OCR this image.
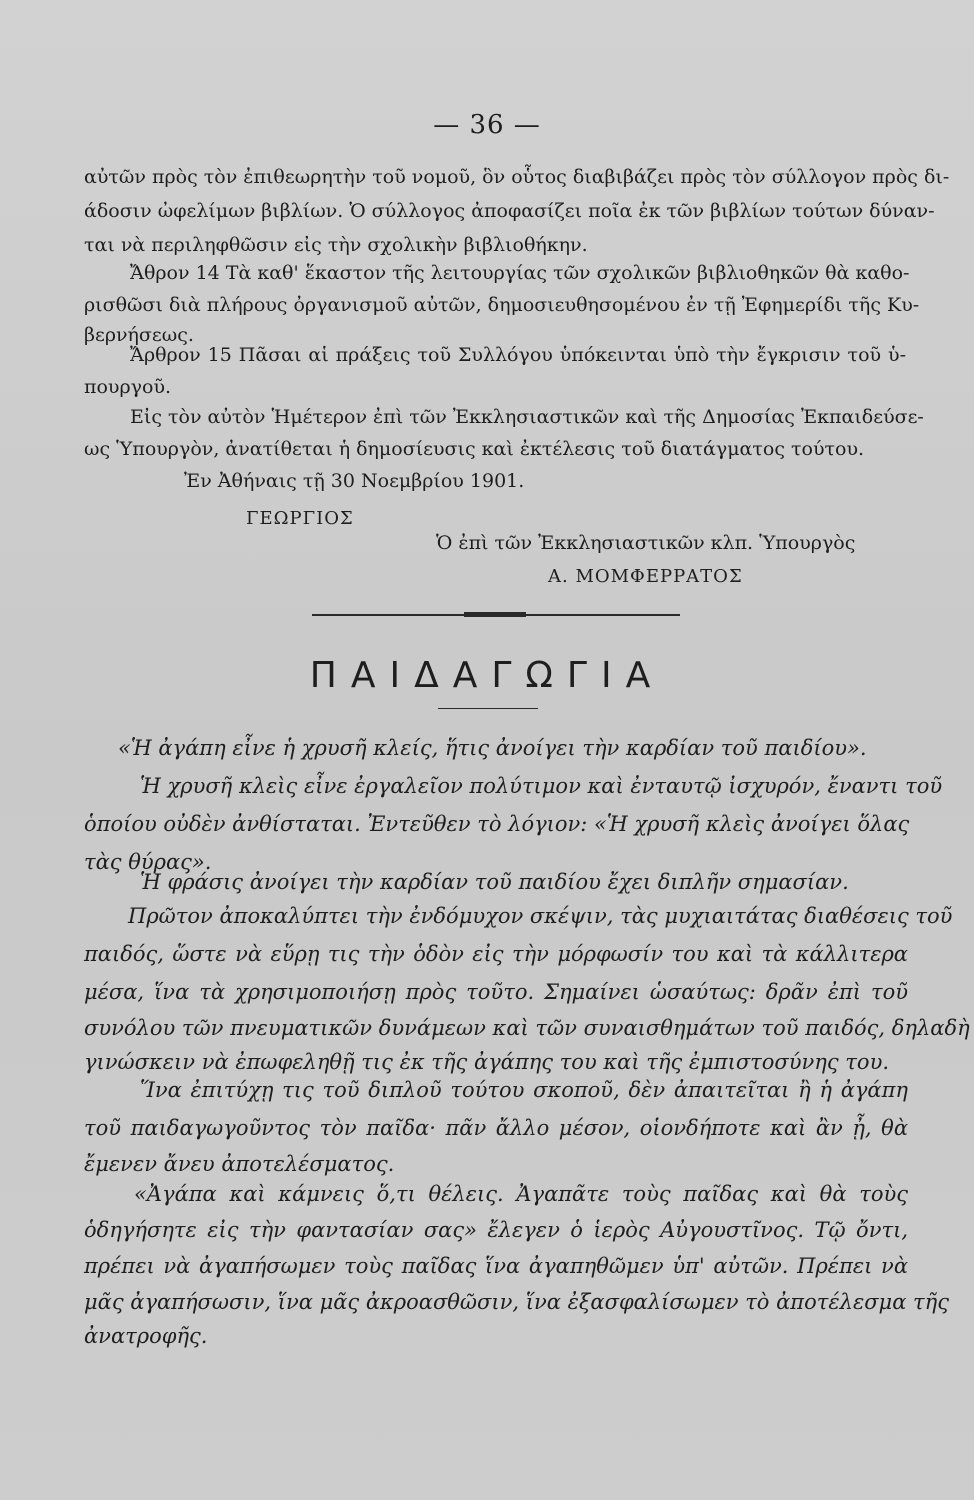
— 36 —
αὐτῶν πρὸς τὸν ἐπιθεωρητὴν τοῦ νομοῦ, ὃν οὗτος διαβιβάζει πρὸς τὸν σύλλογον πρὸς δι-
άδοσιν ὠφελίμων βιβλίων. Ὁ σύλλογος ἀποφασίζει ποῖα ἐκ τῶν βιβλίων τούτων δύναν-
ται νὰ περιληφθῶσιν εἰς τὴν σχολικὴν βιβλιοθήκην.
Ἄθρον 14 Τὰ καθ' ἕκαστον τῆς λειτουργίας τῶν σχολικῶν βιβλιοθηκῶν θὰ καθο-
ρισθῶσι διὰ πλήρους ὀργανισμοῦ αὐτῶν, δημοσιευθησομένου ἐν τῇ Ἐφημερίδι τῆς Κυ-
βερνήσεως.
Ἄρθρον 15 Πᾶσαι αἱ πράξεις τοῦ Συλλόγου ὑπόκεινται ὑπὸ τὴν ἔγκρισιν τοῦ ὑ-
πουργοῦ.
Εἰς τὸν αὐτὸν Ἡμέτερον ἐπὶ τῶν Ἐκκλησιαστικῶν καὶ τῆς Δημοσίας Ἐκπαιδεύσε-
ως Ὑπουργὸν, ἀνατίθεται ἡ δημοσίευσις καὶ ἐκτέλεσις τοῦ διατάγματος τούτου.
Ἐν Ἀθήναις τῇ 30 Νοεμβρίου 1901.
ΓΕΩΡΓΙΟΣ
Ὁ ἐπὶ τῶν Ἐκκλησιαστικῶν κλπ. Ὑπουργὸς
Α. ΜΟΜΦΕΡΡΑΤΟΣ
ΠΑΙΔΑΓΩΓΙΑ
«Ἡ ἀγάπη εἶνε ἡ χρυσῆ κλείς, ἥτις ἀνοίγει τὴν καρδίαν τοῦ παιδίου».
Ἡ χρυσῆ κλεὶς εἶνε ἐργαλεῖον πολύτιμον καὶ ἐνταυτῷ ἰσχυρόν, ἔναντι τοῦ
ὁποίου οὐδὲν ἀνθίσταται. Ἐντεῦθεν τὸ λόγιον: «Ἡ χρυσῆ κλεὶς ἀνοίγει ὅλας
τὰς θύρας».
Ἡ φράσις ἀνοίγει τὴν καρδίαν τοῦ παιδίου ἔχει διπλῆν σημασίαν.
Πρῶτον ἀποκαλύπτει τὴν ἐνδόμυχον σκέψιν, τὰς μυχιαιτάτας διαθέσεις τοῦ
παιδός, ὥστε νὰ εὕρῃ τις τὴν ὁδὸν εἰς τὴν μόρφωσίν του καὶ τὰ κάλλιτερα
μέσα, ἵνα τὰ χρησιμοποιήσῃ πρὸς τοῦτο. Σημαίνει ὡσαύτως: δρᾶν ἐπὶ τοῦ
συνόλου τῶν πνευματικῶν δυνάμεων καὶ τῶν συναισθημάτων τοῦ παιδός, δηλαδὴ
γινώσκειν νὰ ἐπωφεληθῇ τις ἐκ τῆς ἀγάπης του καὶ τῆς ἐμπιστοσύνης του.
Ἵνα ἐπιτύχῃ τις τοῦ διπλοῦ τούτου σκοποῦ, δὲν ἀπαιτεῖται ἢ ἡ ἀγάπη
τοῦ παιδαγωγοῦντος τὸν παῖδα· πᾶν ἄλλο μέσον, οἱονδήποτε καὶ ἂν ᾖ, θὰ
ἔμενεν ἄνευ ἀποτελέσματος.
«Ἀγάπα καὶ κάμνεις ὅ,τι θέλεις. Ἀγαπᾶτε τοὺς παῖδας καὶ θὰ τοὺς
ὁδηγήσητε εἰς τὴν φαντασίαν σας» ἔλεγεν ὁ ἱερὸς Αὐγουστῖνος. Τῷ ὄντι,
πρέπει νὰ ἀγαπήσωμεν τοὺς παῖδας ἵνα ἀγαπηθῶμεν ὑπ' αὐτῶν. Πρέπει νὰ
μᾶς ἀγαπήσωσιν, ἵνα μᾶς ἀκροασθῶσιν, ἵνα ἐξασφαλίσωμεν τὸ ἀποτέλεσμα τῆς
ἀνατροφῆς.
